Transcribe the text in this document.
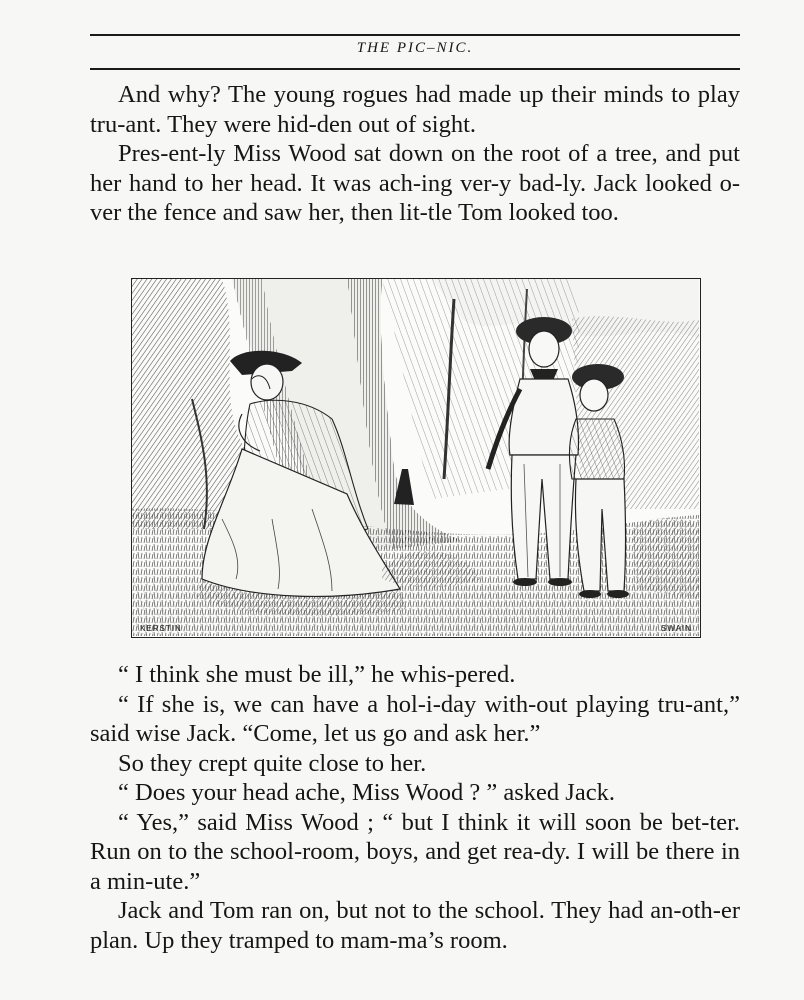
THE PIC–NIC.

And why? The young rogues had made up their minds to play tru-ant. They were hid-den out of sight.

Pres-ent-ly Miss Wood sat down on the root of a tree, and put her hand to her head. It was ach-ing ver-y bad-ly. Jack looked o-ver the fence and saw her, then lit-tle Tom looked too.

KERSTIN	SWAIN

“ I think she must be ill,” he whis-pered.

“ If she is, we can have a hol-i-day with-out playing tru-ant,” said wise Jack. “Come, let us go and ask her.”

So they crept quite close to her.

“ Does your head ache, Miss Wood ? ” asked Jack.

“ Yes,” said Miss Wood ; “ but I think it will soon be bet-ter. Run on to the school-room, boys, and get rea-dy. I will be there in a min-ute.”

Jack and Tom ran on, but not to the school. They had an-oth-er plan. Up they tramped to mam-ma’s room.
